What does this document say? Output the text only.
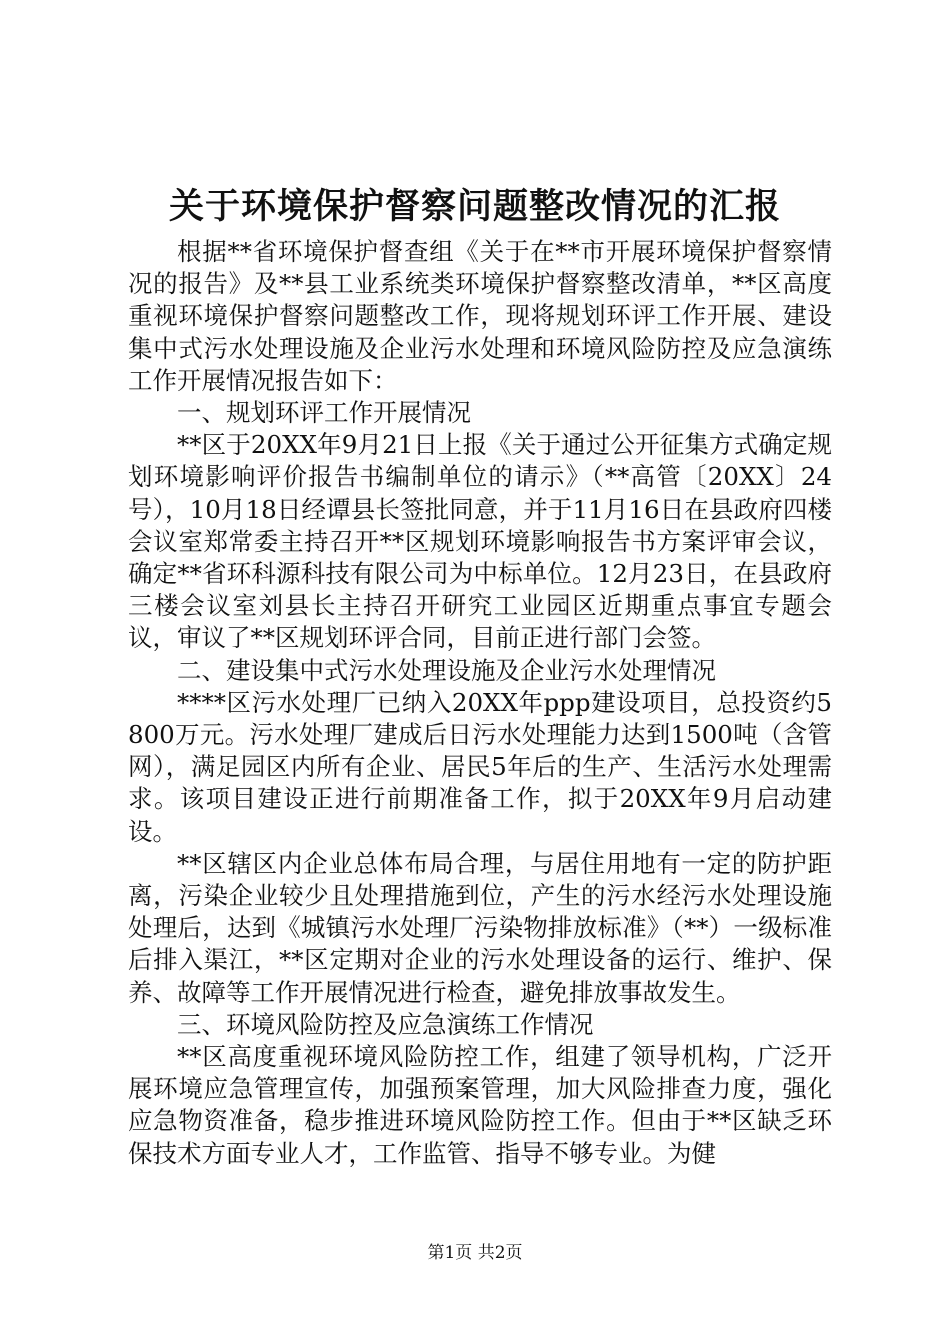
关于环境保护督察问题整改情况的汇报

根据**省环境保护督查组《关于在**市开展环境保护督察情况的报告》及**县工业系统类环境保护督察整改清单，**区高度重视环境保护督察问题整改工作，现将规划环评工作开展、建设集中式污水处理设施及企业污水处理和环境风险防控及应急演练工作开展情况报告如下：

一、规划环评工作开展情况

**区于20XX年9月21日上报《关于通过公开征集方式确定规划环境影响评价报告书编制单位的请示》（**高管〔20XX〕24号），10月18日经谭县长签批同意，并于11月16日在县政府四楼会议室郑常委主持召开**区规划环境影响报告书方案评审会议，确定**省环科源科技有限公司为中标单位。12月23日，在县政府三楼会议室刘县长主持召开研究工业园区近期重点事宜专题会议，审议了**区规划环评合同，目前正进行部门会签。

二、建设集中式污水处理设施及企业污水处理情况

****区污水处理厂已纳入20XX年ppp建设项目，总投资约5800万元。污水处理厂建成后日污水处理能力达到1500吨（含管网），满足园区内所有企业、居民5年后的生产、生活污水处理需求。该项目建设正进行前期准备工作，拟于20XX年9月启动建设。

**区辖区内企业总体布局合理，与居住用地有一定的防护距离，污染企业较少且处理措施到位，产生的污水经污水处理设施处理后，达到《城镇污水处理厂污染物排放标准》（**）一级标准后排入渠江，**区定期对企业的污水处理设备的运行、维护、保养、故障等工作开展情况进行检查，避免排放事故发生。

三、环境风险防控及应急演练工作情况

**区高度重视环境风险防控工作，组建了领导机构，广泛开展环境应急管理宣传，加强预案管理，加大风险排查力度，强化应急物资准备，稳步推进环境风险防控工作。但由于**区缺乏环保技术方面专业人才，工作监管、指导不够专业。为健

第1页 共2页
